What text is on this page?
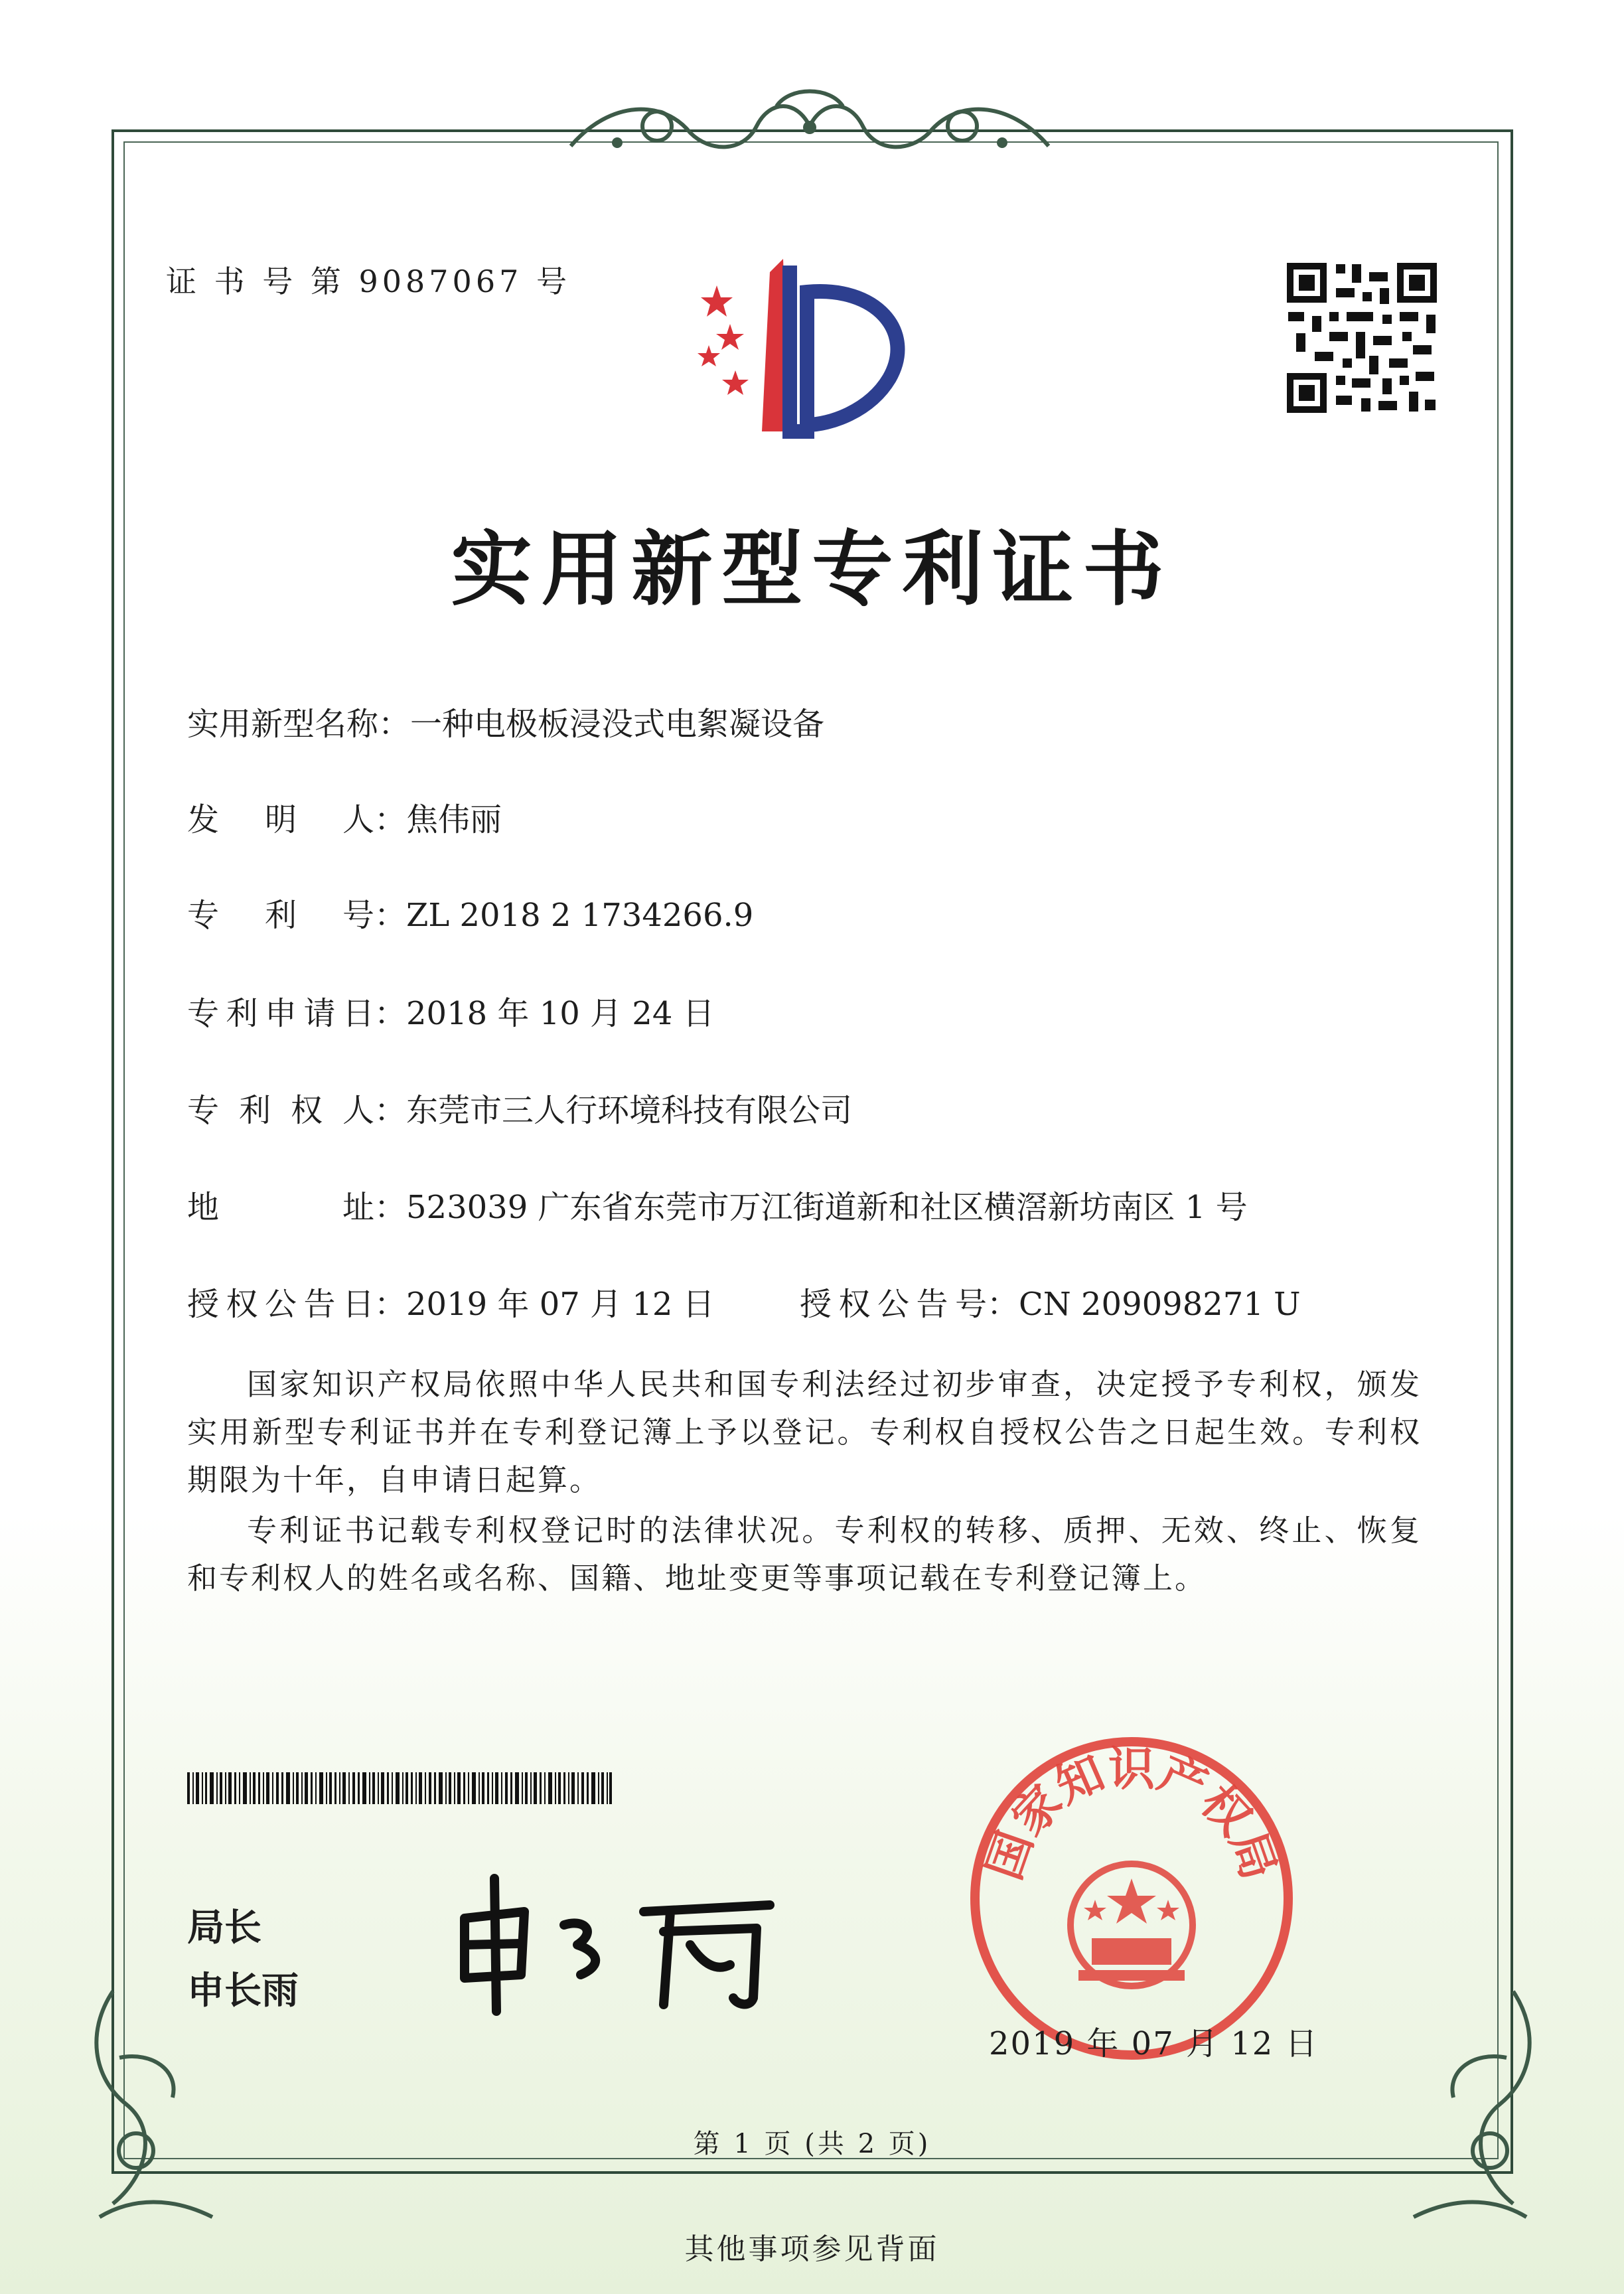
证 书 号 第 9087067 号
实用新型专利证书
实用新型名称：一种电极板浸没式电絮凝设备
发　明　人：焦伟丽
专　利　号：ZL 2018 2 1734266.9
专利申请日：2018 年 10 月 24 日
专 利 权 人：东莞市三人行环境科技有限公司
地　　　址：523039 广东省东莞市万江街道新和社区横滘新坊南区 1 号
授权公告日：2019 年 07 月 12 日	授权公告号：CN 209098271 U
国家知识产权局依照中华人民共和国专利法经过初步审查，决定授予专利权，颁发实用新型专利证书并在专利登记簿上予以登记。专利权自授权公告之日起生效。专利权期限为十年，自申请日起算。
专利证书记载专利权登记时的法律状况。专利权的转移、质押、无效、终止、恢复和专利权人的姓名或名称、国籍、地址变更等事项记载在专利登记簿上。
局长
申长雨
国家知识产权局
2019 年 07 月 12 日
第 1 页 (共 2 页)
其他事项参见背面
